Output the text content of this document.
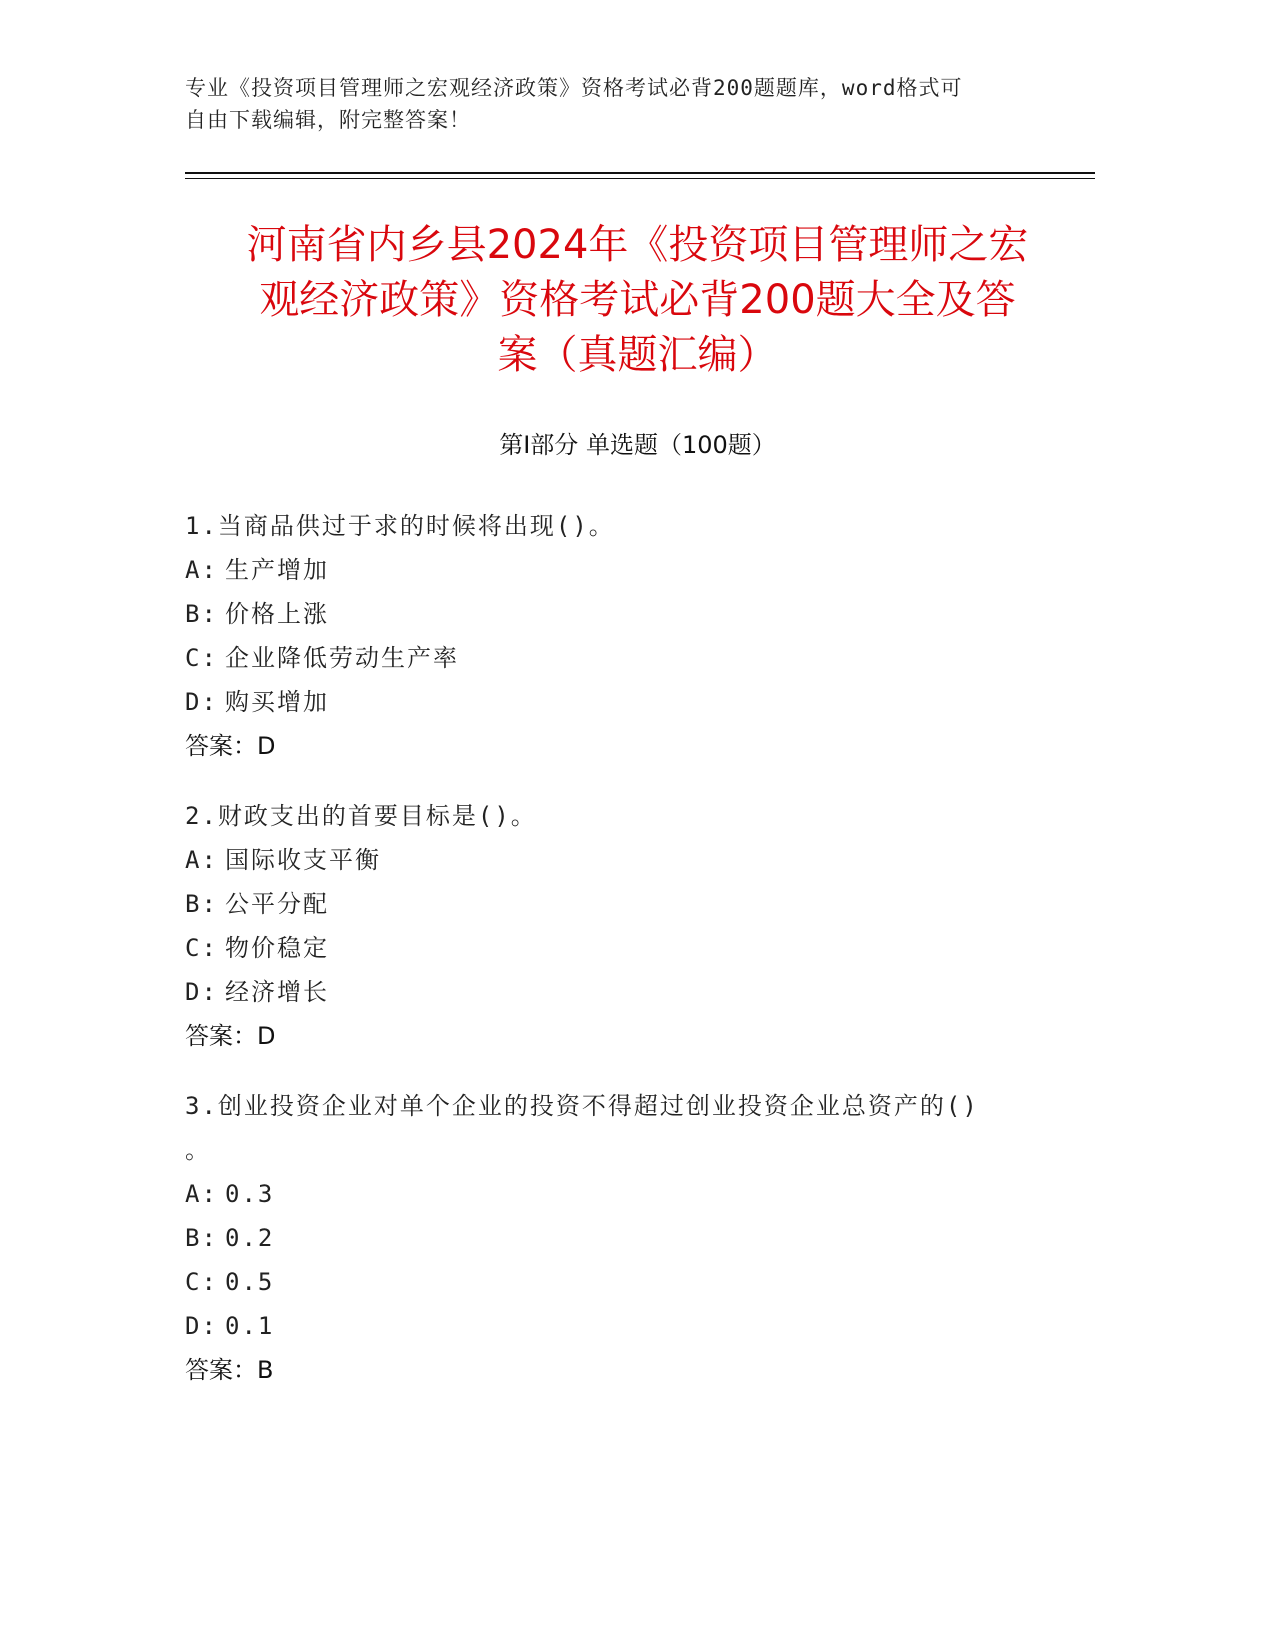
专业《投资项目管理师之宏观经济政策》资格考试必背200题题库，word格式可
自由下载编辑，附完整答案！
河南省内乡县2024年《投资项目管理师之宏
观经济政策》资格考试必背200题大全及答
案（真题汇编）
第Ⅰ部分 单选题（100题）
1.当商品供过于求的时候将出现()。
A: 生产增加
B: 价格上涨
C: 企业降低劳动生产率
D: 购买增加
答案：D
2.财政支出的首要目标是()。
A: 国际收支平衡
B: 公平分配
C: 物价稳定
D: 经济增长
答案：D
3.创业投资企业对单个企业的投资不得超过创业投资企业总资产的()
。
A: 0.3
B: 0.2
C: 0.5
D: 0.1
答案：B
